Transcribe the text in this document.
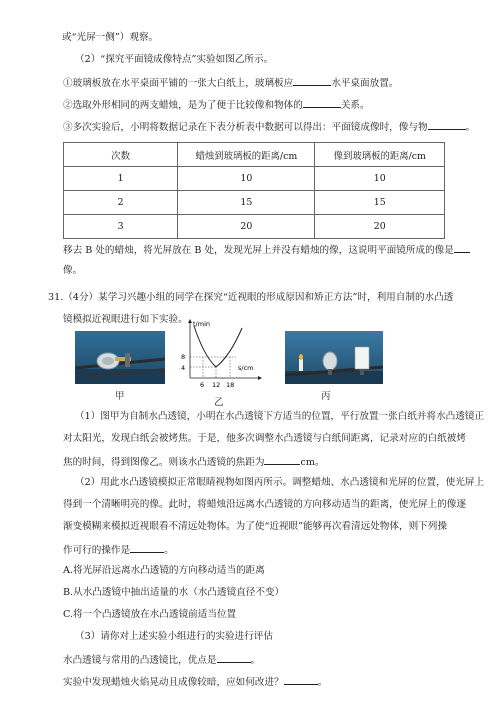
或“光屏一侧”）观察。
（2）“探究平面镜成像特点”实验如图乙所示。
①玻璃板放在水平桌面平铺的一张大白纸上，玻璃板应	水平桌面放置。
②选取外形相同的两支蜡烛，是为了便于比较像和物体的	关系。
③多次实验后，小明将数据记录在下表分析表中数据可以得出：平面镜成像时，像与物	。
次数	蜡烛到玻璃板的距离/cm	像到玻璃板的距离/cm
1	10	10
2	15	15
3	20	20
移去 B 处的蜡烛，将光屏放在 B 处，发现光屏上并没有蜡烛的像，这说明平面镜所成的像是
像。
31.（4分）某学习兴趣小组的同学在探究“近视眼的形成原因和矫正方法”时，利用自制的水凸透
镜模拟近视眼进行如下实验。
甲
t/min
s/cm
8
4
6 12 18
乙
丙
（1）图甲为自制水凸透镜，小明在水凸透镜下方适当的位置，平行放置一张白纸并将水凸透镜正
对太阳光，发现白纸会被烤焦。于是，他多次调整水凸透镜与白纸间距离，记录对应的白纸被烤
焦的时间，得到图像乙。则该水凸透镜的焦距为	cm。
（2）用此水凸透镜模拟正常眼睛视物如图丙所示。调整蜡烛、水凸透镜和光屏的位置，使光屏上
得到一个清晰明亮的像。此时，将蜡烛沿远离水凸透镜的方向移动适当的距离，使光屏上的像逐
渐变模糊来模拟近视眼看不清远处物体。为了使“近视眼”能够再次看清远处物体，则下列操
作可行的操作是	。
A.将光屏沿远离水凸透镜的方向移动适当的距离
B.从水凸透镜中抽出适量的水（水凸透镜直径不变）
C.将一个凸透镜放在水凸透镜前适当位置
（3）请你对上述实验小组进行的实验进行评估
水凸透镜与常用的凸透镜比，优点是	。
实验中发现蜡烛火焰晃动且成像较暗，应如何改进？	。
